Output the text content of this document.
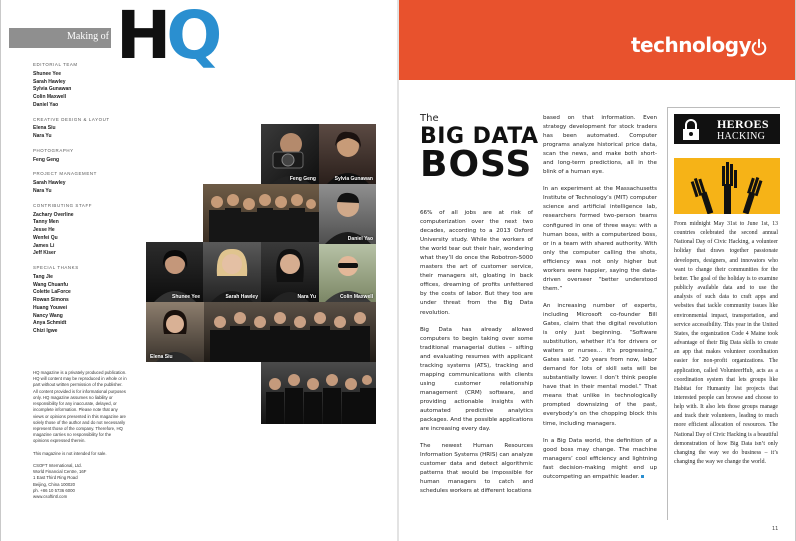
Making of HQ
EDITORIAL TEAM
Shunee Yee
Sarah Hawley
Sylvia Gunawan
Colin Maxwell
Daniel Yao
CREATIVE DESIGN & LAYOUT
Elena Siu
Nara Yu
PHOTOGRAPHY
Feng Geng
PROJECT MANAGEMENT
Sarah Hawley
Nara Yu
CONTRIBUTING STAFF
Zachary Overline
Tanny Men
Jesse He
Wenfei Qu
James Li
Jeff Kiser
SPECIAL THANKS
Tang Jie
Wang Chuanfu
Colette LaForce
Rowan Simons
Huang Youwei
Nancy Wang
Anya Schmidt
Chizi Igwe

HQ magazine is a privately produced publication. HQ will content may be reproduced in whole or in part without written permission of the publisher. All content provided is for informational purposes only. HQ magazine assumes no liability or responsibility for any inaccurate, delayed, or incomplete information. Please note that any views or opinions presented in this magazine are solely those of the author and do not necessarily represent those of the company. Therefore, HQ magazine carries no responsibility for the opinions expressed therein.

This magazine is not intended for sale.

CSOFT International, Ltd.
World Financial Centre, 16F
1 East Third Ring Road
Beijing, China 100020
ph. +86 10 5736 6000
www.csoftintl.com
Feng Geng	Sylvia Gunawan
Daniel Yao
Shunee Yee	Sarah Hawley	Nara Yu	Colin Maxwell
Elena Siu
technology
The
BIG DATA
BOSS

66% of all jobs are at risk of computerization over the next two decades, according to a 2013 Oxford University study. While the workers of the world tear out their hair, wondering what they’ll do once the Robotron-5000 masters the art of customer service, their managers sit, gloating in back offices, dreaming of profits unfettered by the costs of labor. But they too are under threat from the Big Data revolution.

Big Data has already allowed computers to begin taking over some traditional managerial duties – sifting and evaluating resumes with applicant tracking systems (ATS), tracking and mapping communications with clients using customer relationship management (CRM) software, and providing actionable insights with automated predictive analytics packages. And the possible applications are increasing every day.

The newest Human Resources Information Systems (HRIS) can analyze customer data and detect algorithmic patterns that would be impossible for human managers to catch and schedules workers at different locations

based on that information. Even strategy development for stock traders has been automated. Computer programs analyze historical price data, scan the news, and make both short- and long-term predictions, all in the blink of a human eye.

In an experiment at the Massachusetts Institute of Technology’s (MIT) computer science and artificial intelligence lab, researchers formed two-person teams configured in one of three ways: with a human boss, with a computerized boss, or in a team with shared authority. With only the computer calling the shots, efficiency was not only higher but workers were happier, saying the data-driven overseer “better understood them.”

An increasing number of experts, including Microsoft co-founder Bill Gates, claim that the digital revolution is only just beginning. “Software substitution, whether it’s for drivers or waiters or nurses… it’s progressing,” Gates said. “20 years from now, labor demand for lots of skill sets will be substantially lower. I don’t think people have that in their mental model.” That means that unlike in technologically prompted downsizing of the past, everybody’s on the chopping block this time, including managers.

In a Big Data world, the definition of a good boss may change. The machine managers’ cool efficiency and lightning fast decision-making might end up outcompeting an empathic leader.

HEROES
HACKING
From midnight May 31st to June 1st, 13 countries celebrated the second annual National Day of Civic Hacking, a volunteer holiday that draws together passionate developers, designers, and innovators who want to change their communities for the better. The goal of the holiday is to examine publicly available data and to use the analysis of such data to craft apps and websites that tackle community issues like environmental impact, transportation, and service accessibility. This year in the United States, the organization Code 4 Maine took advantage of their Big Data skills to create an app that makes volunteer coordination easier for non-profit organizations. The application, called VolunteerHub, acts as a coordination system that lets groups like Habitat for Humanity list projects that interested people can browse and choose to help with. It also lets those groups manage and track their volunteers, leading to much more efficient allocation of resources. The National Day of Civic Hacking is a beautiful demonstration of how Big Data isn’t only changing the way we do business – it’s changing the way we change the world.
11
